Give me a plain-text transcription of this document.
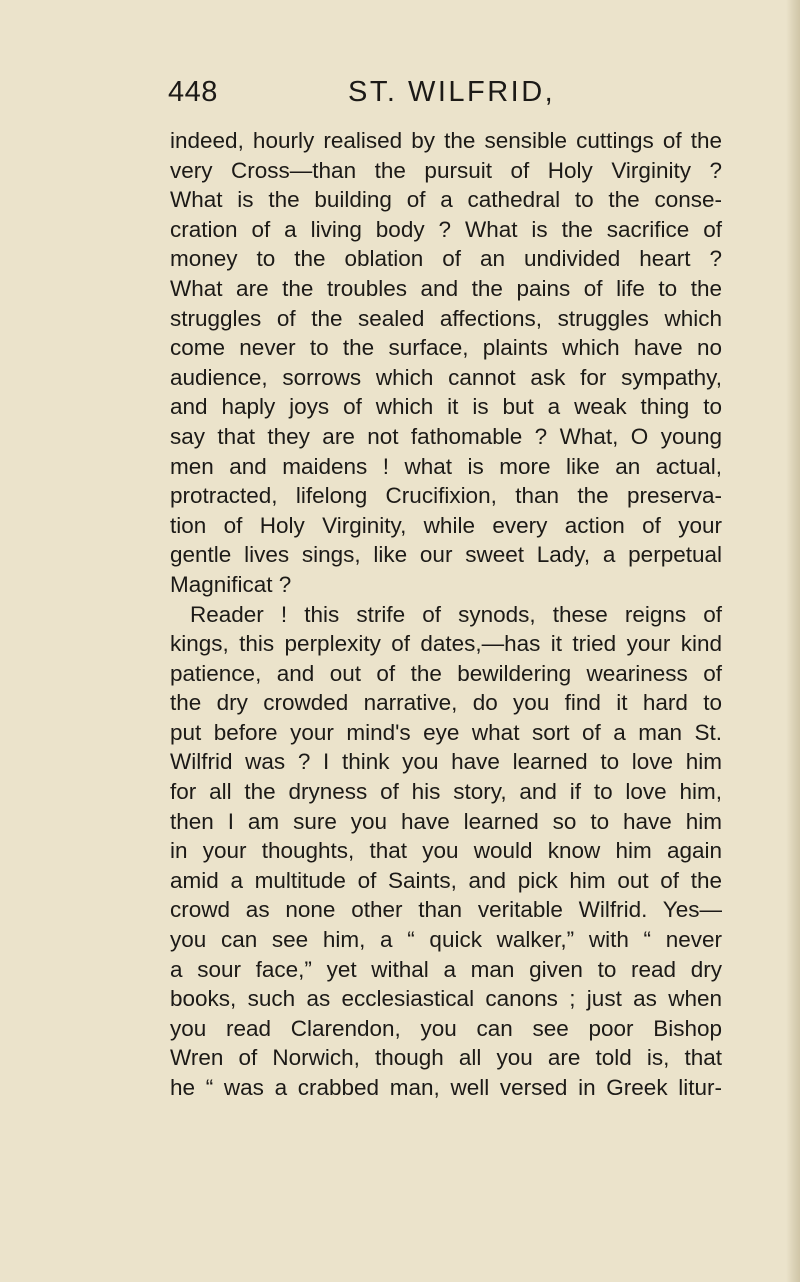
448	ST. WILFRID,
indeed, hourly realised by the sensible cuttings of the
very Cross—than the pursuit of Holy Virginity ?
What is the building of a cathedral to the conse-
cration of a living body ? What is the sacrifice of
money to the oblation of an undivided heart ?
What are the troubles and the pains of life to the
struggles of the sealed affections, struggles which
come never to the surface, plaints which have no
audience, sorrows which cannot ask for sympathy,
and haply joys of which it is but a weak thing to
say that they are not fathomable ? What, O young
men and maidens ! what is more like an actual,
protracted, lifelong Crucifixion, than the preserva-
tion of Holy Virginity, while every action of your
gentle lives sings, like our sweet Lady, a perpetual
Magnificat ?
Reader ! this strife of synods, these reigns of
kings, this perplexity of dates,—has it tried your kind
patience, and out of the bewildering weariness of
the dry crowded narrative, do you find it hard to
put before your mind's eye what sort of a man St.
Wilfrid was ? I think you have learned to love him
for all the dryness of his story, and if to love him,
then I am sure you have learned so to have him
in your thoughts, that you would know him again
amid a multitude of Saints, and pick him out of the
crowd as none other than veritable Wilfrid. Yes—
you can see him, a “ quick walker,” with “ never
a sour face,” yet withal a man given to read dry
books, such as ecclesiastical canons ; just as when
you read Clarendon, you can see poor Bishop
Wren of Norwich, though all you are told is, that
he “ was a crabbed man, well versed in Greek litur-
